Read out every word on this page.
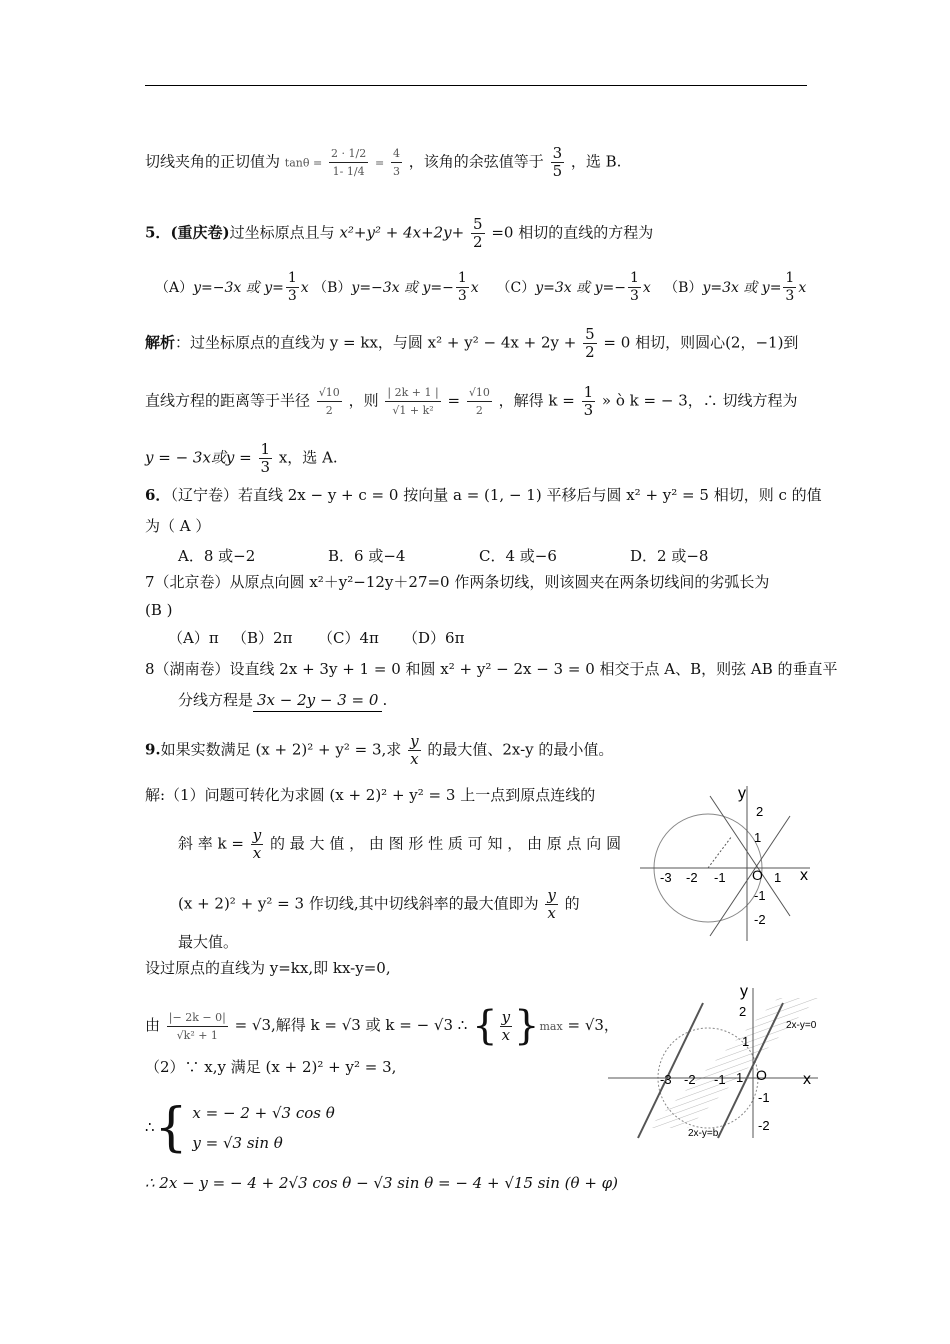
切线夹角的正切值为 $\tan\theta = \frac{2 \cdot 1/2}{1- 1/4} = \frac{4}{3}$ ，该角的余弦值等于 $\frac{3}{5}$ ，选 B.
5．(重庆卷)过坐标原点且与 $x^2+y^2 + 4x+2y+ \frac{5}{2} =0$ 相切的直线的方程为
（A）y=−3x 或 $y= \frac{1}{3}$ x （B）y=−3x 或 $y=- \frac{1}{3}$ x （C）y=3x 或 $y=- \frac{1}{3}$ x （B）y=3x 或 $y= \frac{1}{3}$ x
解析：过坐标原点的直线为 y = kx，与圆 $x^2 + y^2 - 4x + 2y + \frac{5}{2} = 0$ 相切，则圆心(2，−1)到
直线方程的距离等于半径 $\frac{√10}{2}$ ，则 $\frac{| 2k + 1 |}{\text{√1 + k²}} = \frac{√10}{2}$ ，解得 $k = \frac{1}{3}$ » ò k = − 3，∴ 切线方程为
y = − 3x或$y = \frac{1}{3}$ x，选 A.
6．（辽宁卷）若直线 2x − y + c = 0 按向量 a = (1, − 1) 平移后与圆 x² + y² = 5 相切，则 c 的值
为（ A ）
A．8 或−2	B．6 或−4	C．4 或−6	D．2 或−8
7（北京卷）从原点向圆 x²＋y²−12y＋27=0 作两条切线，则该圆夹在两条切线间的劣弧长为
(B )
（A）π （B）2π （C）4π （D）6π
8（湖南卷）设直线 2x + 3y + 1 = 0 和圆 x² + y² − 2x − 3 = 0 相交于点 A、B，则弦 AB 的垂直平
分线方程是 3x − 2y − 3 = 0 .
9.如果实数满足 (x + 2)² + y² = 3,求 $\frac{y}{x}$ 的最大值、2x-y 的最小值。
解:（1）问题可转化为求圆 (x + 2)² + y² = 3 上一点到原点连线的
斜 率 $k = \frac{y}{x}$ 的 最 大 值 ， 由 图 形 性 质 可 知 ， 由 原 点 向 圆
(x + 2)² + y² = 3 作切线,其中切线斜率的最大值即为 $\frac{y}{x}$ 的
最大值。
设过原点的直线为 y=kx,即 kx-y=0,
由 $\frac{|- 2k - 0|}{\text{√k² + 1}} = √3$,解得 k = √3 或 k = − √3 ∴ { $\frac{y}{x} \}\max = √3$，
（2）∵ x,y 满足 (x + 2)² + y² = 3,
∴{ x = − 2 + √3 cos θ
y = √3 sin θ
∴ 2x − y = − 4 + 2√3 cos θ − √3 sin θ = − 4 + √15 sin (θ + φ)
y
x
O
-3 -2 -1	1
2
1
-1
-2
y
x
O
-3 -2 -1 1
2
1
-1
-2
2x-y=0
2x-y=b
